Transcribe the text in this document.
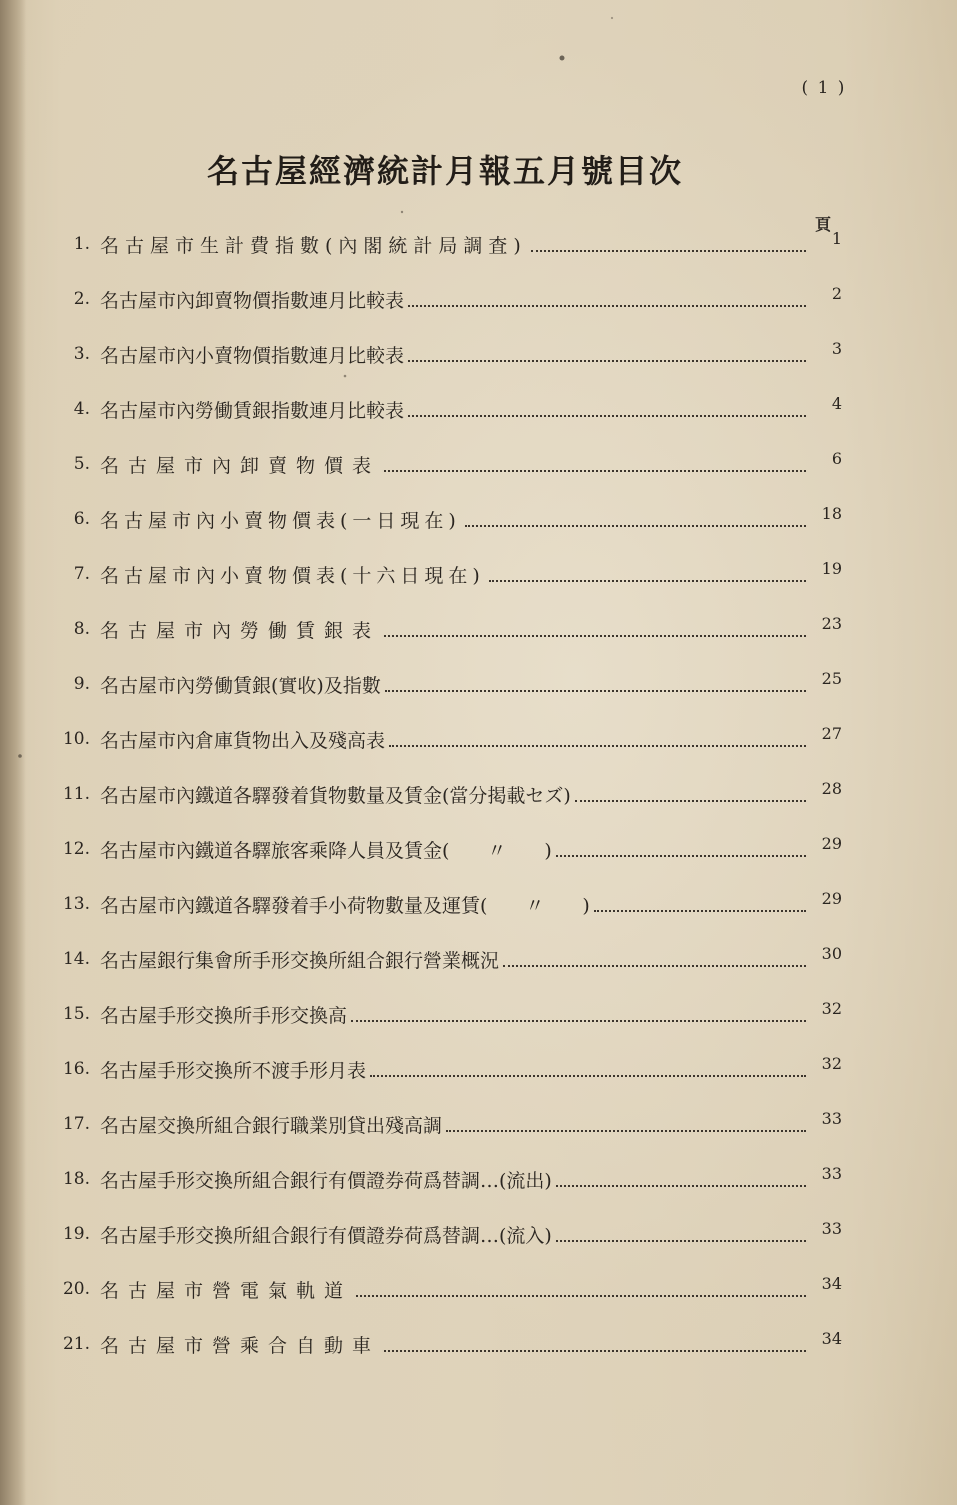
( 1 )
名古屋經濟統計月報五月號目次
頁
1. 名古屋市生計費指數(內閣統計局調査)	1
2. 名古屋市內卸賣物價指數連月比較表	2
3. 名古屋市內小賣物價指數連月比較表	3
4. 名古屋市內勞働賃銀指數連月比較表	4
5. 名古屋市內卸賣物價表	6
6. 名古屋市內小賣物價表(一日現在)	18
7. 名古屋市內小賣物價表(十六日現在)	19
8. 名古屋市內勞働賃銀表	23
9. 名古屋市內勞働賃銀(實收)及指數	25
10. 名古屋市內倉庫貨物出入及殘高表	27
11. 名古屋市內鐵道各驛發着貨物數量及賃金(當分掲載セズ)	28
12. 名古屋市內鐵道各驛旅客乘降人員及賃金(　　〃　　)	29
13. 名古屋市內鐵道各驛發着手小荷物數量及運賃(　　〃　　)	29
14. 名古屋銀行集會所手形交換所組合銀行營業概況	30
15. 名古屋手形交換所手形交換高	32
16. 名古屋手形交換所不渡手形月表	32
17. 名古屋交換所組合銀行職業別貸出殘高調	33
18. 名古屋手形交換所組合銀行有價證券荷爲替調…(流出)	33
19. 名古屋手形交換所組合銀行有價證券荷爲替調…(流入)	33
20. 名古屋市營電氣軌道	34
21. 名古屋市營乘合自動車	34
